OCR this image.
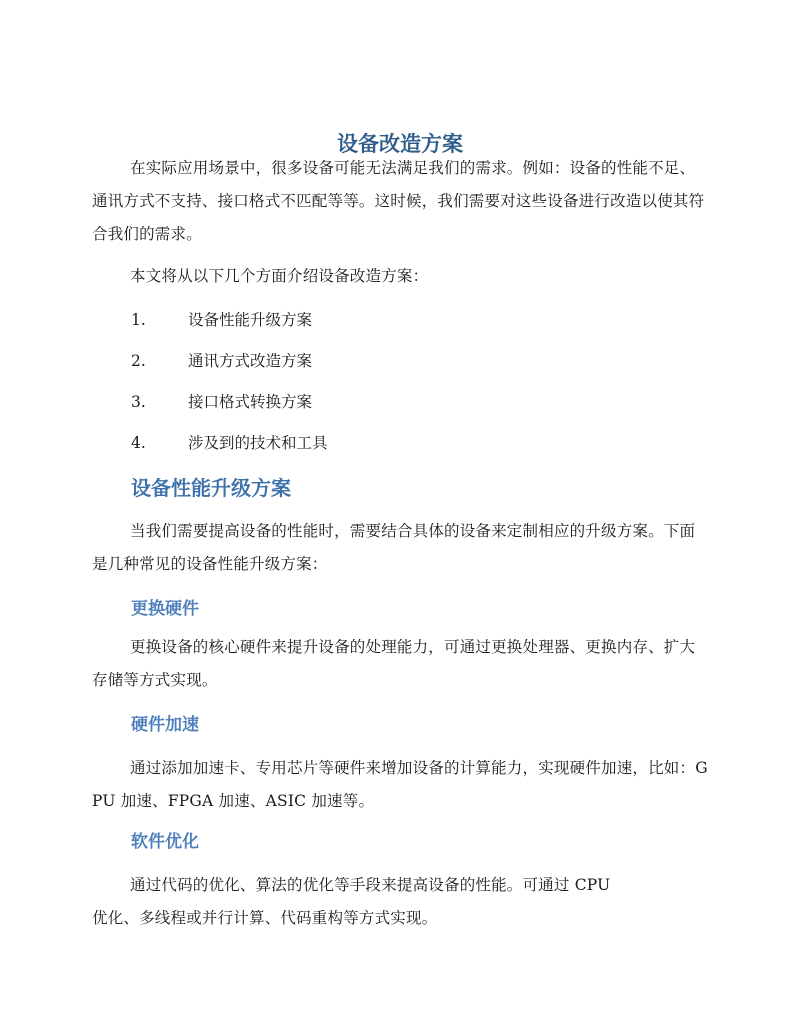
设备改造方案
在实际应用场景中，很多设备可能无法满足我们的需求。例如：设备的性能不足、
通讯方式不支持、接口格式不匹配等等。这时候，我们需要对这些设备进行改造以使其符
合我们的需求。
本文将从以下几个方面介绍设备改造方案：
1.	设备性能升级方案
2.	通讯方式改造方案
3.	接口格式转换方案
4.	涉及到的技术和工具
设备性能升级方案
当我们需要提高设备的性能时，需要结合具体的设备来定制相应的升级方案。下面
是几种常见的设备性能升级方案：
更换硬件
更换设备的核心硬件来提升设备的处理能力，可通过更换处理器、更换内存、扩大
存储等方式实现。
硬件加速
通过添加加速卡、专用芯片等硬件来增加设备的计算能力，实现硬件加速，比如：G
PU 加速、FPGA 加速、ASIC 加速等。
软件优化
通过代码的优化、算法的优化等手段来提高设备的性能。可通过 CPU
优化、多线程或并行计算、代码重构等方式实现。
